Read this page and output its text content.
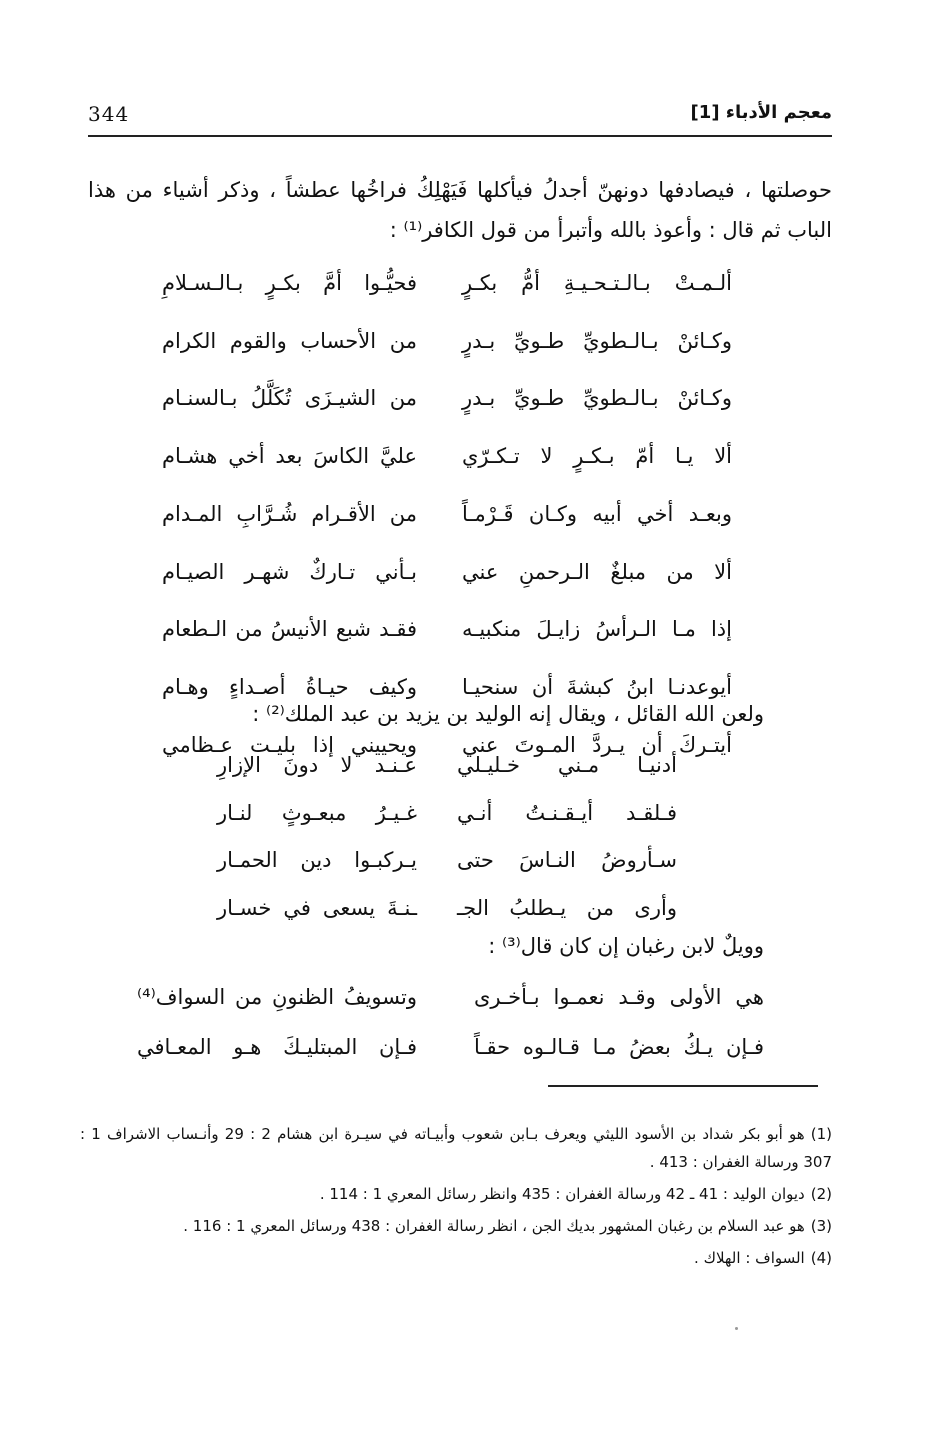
344	معجم الأدباء [1]
حوصلتها ، فيصادفها دونهنّ أجدلُ فيأكلها فَيَهْلِكُ فراخُها عطشاً ، وذكر أشياء من هذا الباب ثم قال : وأعوذ بالله وأتبرأ من قول الكافر⁽¹⁾ :
ولعن الله القائل ، ويقال إنه الوليد بن يزيد بن عبد الملك⁽²⁾ :
وويلٌ لابن رغبان إن كان قال⁽³⁾ :

(1)هو أبو بكر شداد بن الأسود الليثي ويعرف بـابن شعوب وأبيـاته في سيـرة ابن هشام 2 : 29 وأنـساب الاشراف 1 : 307 ورسالة الغفران : 413 .

(2)ديوان الوليد : 41 ـ 42 ورسالة الغفران : 435 وانظر رسائل المعري 1 : 114 .

(3)هو عبد السلام بن رغبان المشهور بديك الجن ، انظر رسالة الغفران : 438 ورسائل المعري 1 : 116 .

(4)السواف : الهلاك .

ألـمـتْ بـالـتـحـيـةِ أمُّ بكـرٍ
فحيُّـوا أمَّ بكـرٍ بـالـسـلامِ
وكـائنْ بـالـطويِّ طـويِّ بـدرٍ
من الأحساب والقوم الكرام
وكـائنْ بـالـطويِّ طـويِّ بـدرٍ
من الشيـزَى تُكَلَّلُ بـالسنـام
ألا يـا أمّ بـكـرٍ لا تـكـرّي
عليَّ الكاسَ بعد أخي هشـام
وبعـد أخي أبيه وكـان قَـرْمـاً
من الأقـرام شُـرَّابِ المـدام
ألا من مبلغٌ الـرحمنِ عني
بـأني تـاركٌ شهـر الصيـام
إذا مـا الـرأسُ زايـلَ منكبيـه
فقـد شبع الأنيسُ من الـطعام
أيوعدنـا ابنُ كبشةَ أن سنحيـا
وكيف حيـاةُ أصـداءٍ وهـام
أيتـركَ أن يـردَّ المـوتَ عني
ويحييني إذا بليـت عـظامي
أدنيـا مـني خـليـلي
عـنـد لا دونَ الإزارِ
فـلقـد أيـقـنـتُ أنـي
غـيـرُ مبعـوثٍ لنـار
سـأروضُ النـاسَ حتى
يـركبـوا دين الحمـار
وأرى من يـطلبُ الجـ
ـنـةَ يسعى في خسـار
هي الأولى وقـد نعمـوا بـأخـرى
وتسويفُ الظنونِ من السواف⁽⁴⁾
فـإن يـكُ بعضُ مـا قـالـوه حقـاً
فـإن المبتليـكَ هـو المعـافي
